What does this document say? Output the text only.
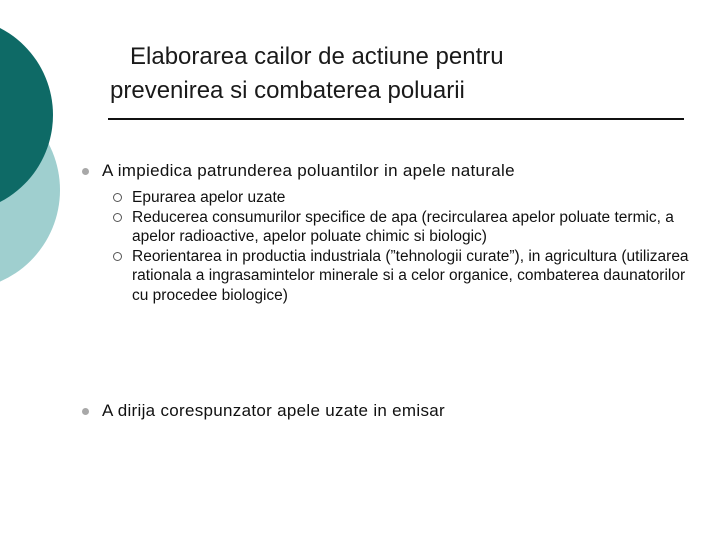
Elaborarea cailor de actiune pentru
prevenirea si combaterea poluarii
A impiedica patrunderea poluantilor in apele naturale
Epurarea apelor uzate
Reducerea consumurilor specifice de apa (recircularea apelor poluate termic, a apelor radioactive, apelor poluate chimic si biologic)
Reorientarea in productia industriala (”tehnologii curate”), in agricultura (utilizarea rationala a ingrasamintelor minerale si a celor organice, combaterea daunatorilor cu procedee biologice)
A dirija corespunzator apele uzate in emisar
